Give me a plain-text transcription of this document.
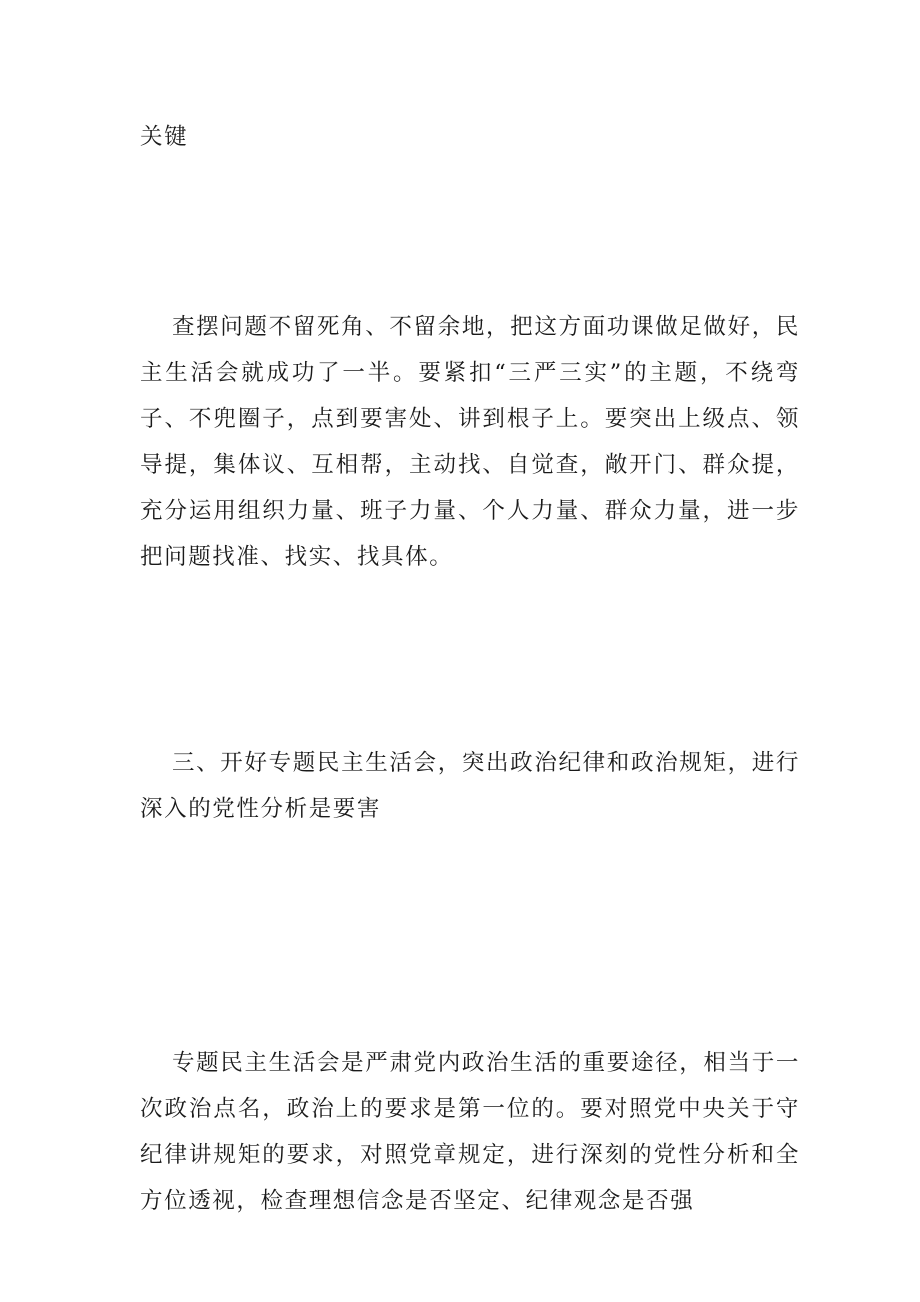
关键

查摆问题不留死角、不留余地，把这方面功课做足做好，民主生活会就成功了一半。要紧扣“三严三实”的主题，不绕弯子、不兜圈子，点到要害处、讲到根子上。要突出上级点、领导提，集体议、互相帮，主动找、自觉查，敞开门、群众提，充分运用组织力量、班子力量、个人力量、群众力量，进一步把问题找准、找实、找具体。

三、开好专题民主生活会，突出政治纪律和政治规矩，进行深入的党性分析是要害

专题民主生活会是严肃党内政治生活的重要途径，相当于一次政治点名，政治上的要求是第一位的。要对照党中央关于守纪律讲规矩的要求，对照党章规定，进行深刻的党性分析和全方位透视，检查理想信念是否坚定、纪律观念是否强
